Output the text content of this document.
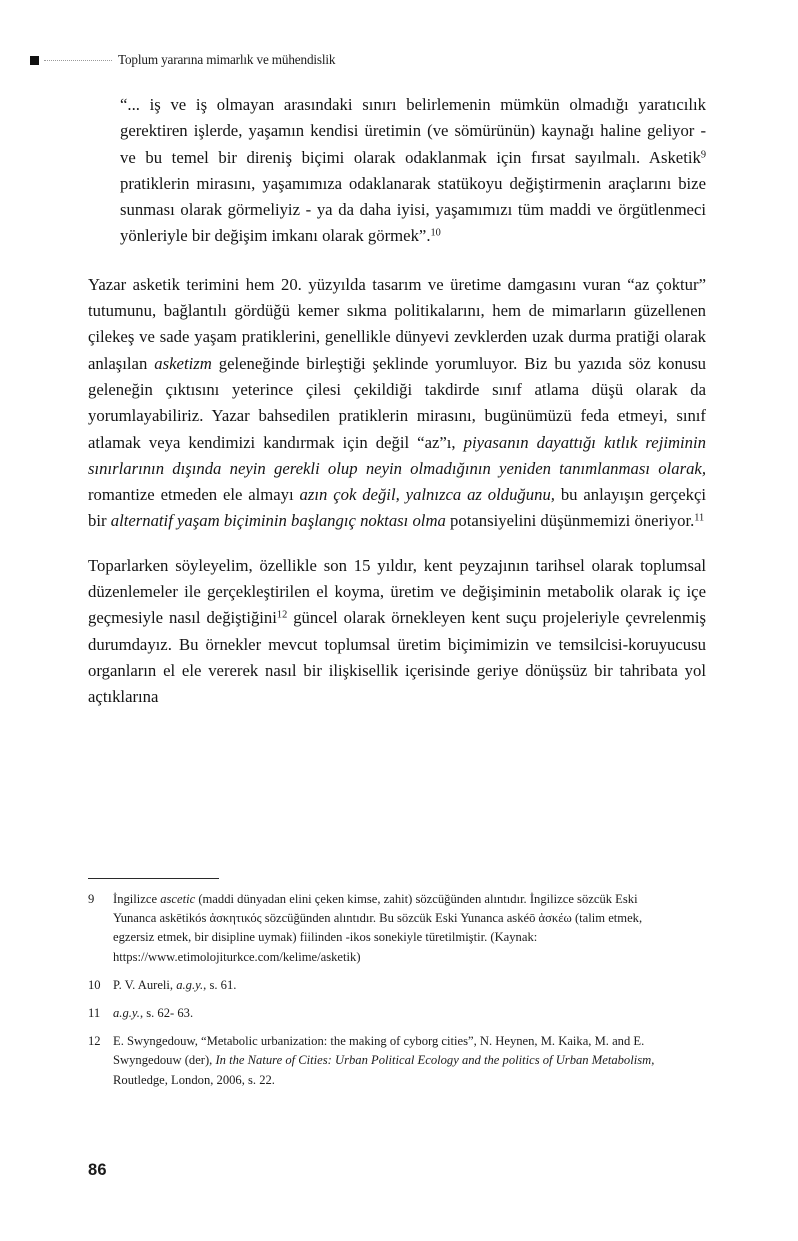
Toplum yararına mimarlık ve mühendislik
“... iş ve iş olmayan arasındaki sınırı belirlemenin mümkün olmadığı yaratıcılık gerektiren işlerde, yaşamın kendisi üretimin (ve sömürünün) kaynağı haline geliyor - ve bu temel bir direniş biçimi olarak odaklanmak için fırsat sayılmalı. Asketik$^9$ pratiklerin mirasını, yaşamımıza odaklanarak statükoyu değiştirmenin araçlarını bize sunması olarak görmeliyiz - ya da daha iyisi, yaşamımızı tüm maddi ve örgütlenmeci yönleriyle bir değişim imkanı olarak görmek”.$^{10}$

Yazar asketik terimini hem 20. yüzyılda tasarım ve üretime damgasını vuran “az çoktur” tutumunu, bağlantılı gördüğü kemer sıkma politikalarını, hem de mimarların güzellenen çilekeş ve sade yaşam pratiklerini, genellikle dünyevi zevklerden uzak durma pratiği olarak anlaşılan asketizm geleneğinde birleştiği şeklinde yorumluyor. Biz bu yazıda söz konusu geleneğin çıktısını yeterince çilesi çekildiği takdirde sınıf atlama düşü olarak da yorumlayabiliriz. Yazar bahsedilen pratiklerin mirasını, bugünümüzü feda etmeyi, sınıf atlamak veya kendimizi kandırmak için değil “az”ı, piyasanın dayattığı kıtlık rejiminin sınırlarının dışında neyin gerekli olup neyin olmadığının yeniden tanımlanması olarak, romantize etmeden ele almayı azın çok değil, yalnızca az olduğunu, bu anlayışın gerçekçi bir alternatif yaşam biçiminin başlangıç noktası olma potansiyelini düşünmemizi öneriyor.$^{11}$

Toparlarken söyleyelim, özellikle son 15 yıldır, kent peyzajının tarihsel olarak toplumsal düzenlemeler ile gerçekleştirilen el koyma, üretim ve değişiminin metabolik olarak iç içe geçmesiyle nasıl değiştiğini$^{12}$ güncel olarak örnekleyen kent suçu projeleriyle çevrelenmiş durumdayız. Bu örnekler mevcut toplumsal üretim biçimimizin ve temsilcisi-koruyucusu organların el ele vererek nasıl bir ilişkisellik içerisinde geriye dönüşsüz bir tahribata yol açtıklarına

9	İngilizce ascetic (maddi dünyadan elini çeken kimse, zahit) sözcüğünden alıntıdır. İngilizce sözcük Eski Yunanca askētikós ἀσκητικός sözcüğünden alıntıdır. Bu sözcük Eski Yunanca askéō ἀσκέω (talim etmek, egzersiz etmek, bir disipline uymak) fiilinden -ikos sonekiyle türetilmiştir. (Kaynak: https://www.etimolojiturkce.com/kelime/asketik)
10 P. V. Aureli, a.g.y., s. 61.
11	a.g.y., s. 62- 63.
12 E. Swyngedouw, “Metabolic urbanization: the making of cyborg cities”, N. Heynen, M. Kaika, M. and E. Swyngedouw (der), In the Nature of Cities: Urban Political Ecology and the politics of Urban Metabolism, Routledge, London, 2006, s. 22.
86
